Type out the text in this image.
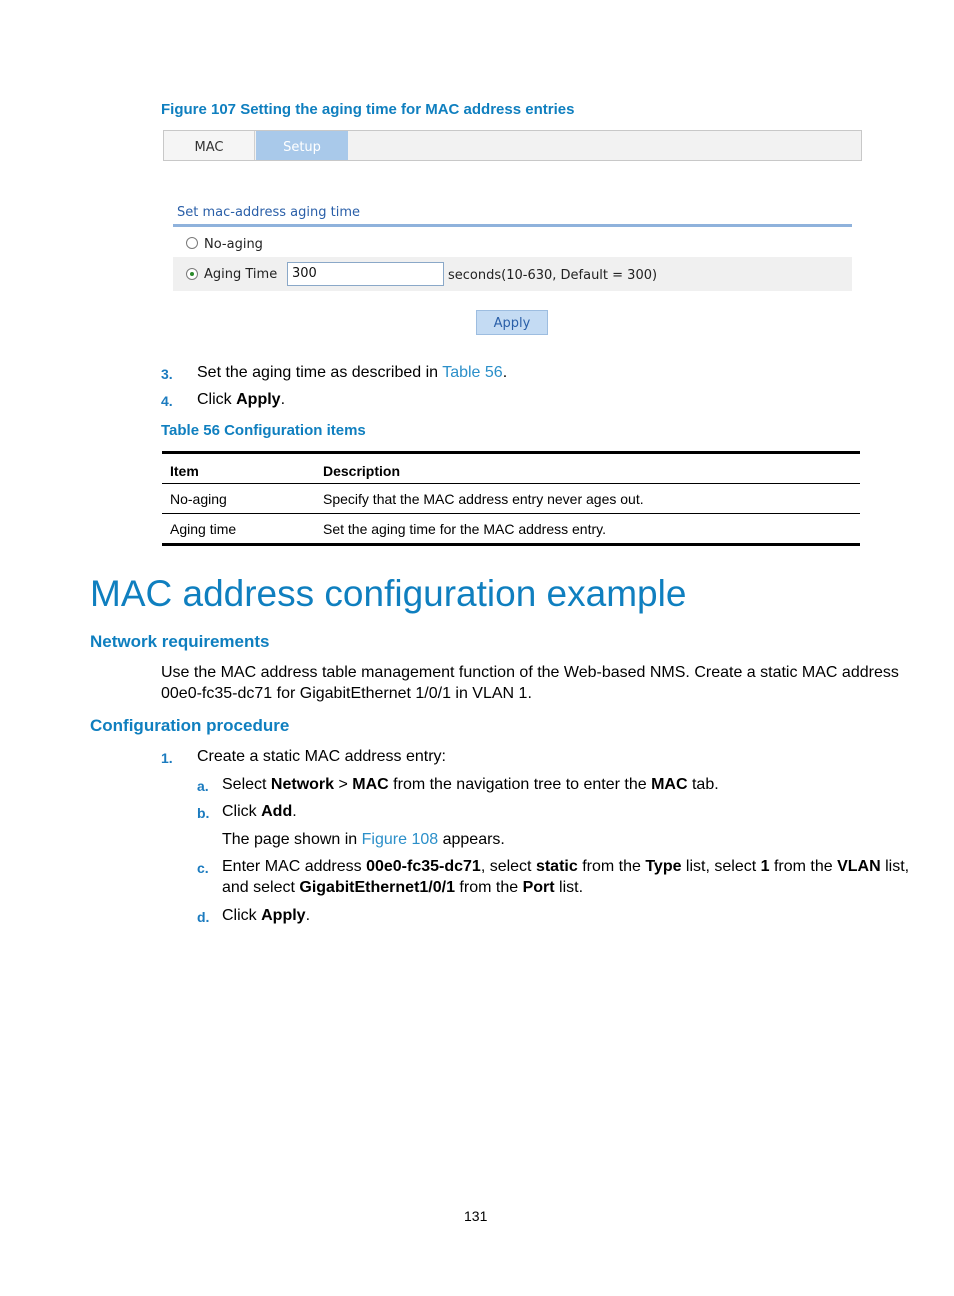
Figure 107 Setting the aging time for MAC address entries
MAC	Setup
Set mac-address aging time
No-aging
Aging Time	300	seconds(10-630, Default = 300)
Apply
3. Set the aging time as described in Table 56.
4. Click Apply.
Table 56 Configuration items
Item	Description
No-aging	Specify that the MAC address entry never ages out.
Aging time	Set the aging time for the MAC address entry.
MAC address configuration example
Network requirements
Use the MAC address table management function of the Web-based NMS. Create a static MAC address
00e0-fc35-dc71 for GigabitEthernet 1/0/1 in VLAN 1.
Configuration procedure
1. Create a static MAC address entry:
a. Select Network > MAC from the navigation tree to enter the MAC tab.
b. Click Add.
The page shown in Figure 108 appears.
c. Enter MAC address 00e0-fc35-dc71, select static from the Type list, select 1 from the VLAN list,
and select GigabitEthernet1/0/1 from the Port list.
d. Click Apply.
131
